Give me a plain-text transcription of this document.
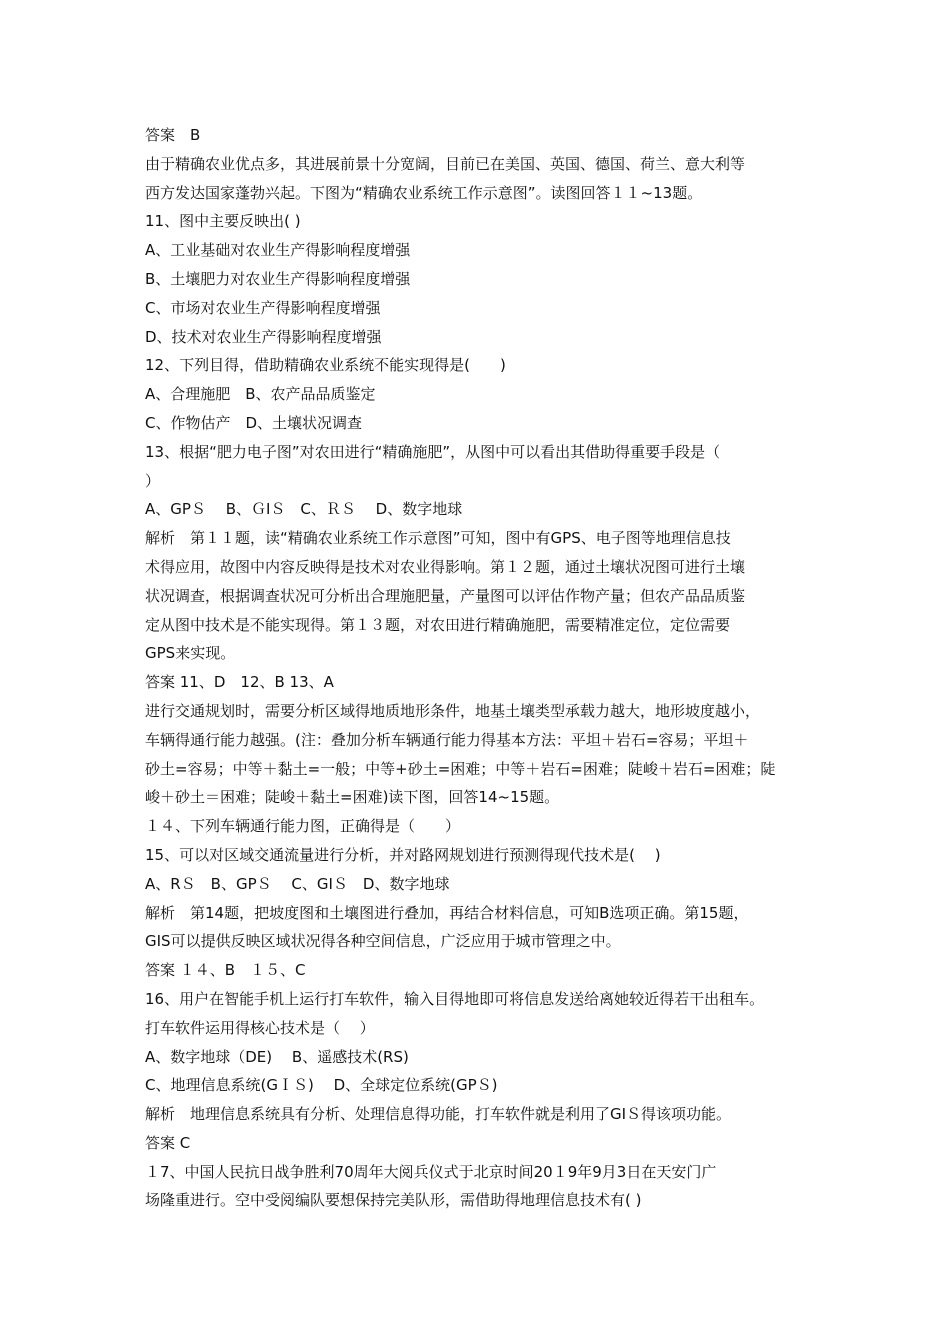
答案　B
由于精确农业优点多，其进展前景十分宽阔，目前已在美国、英国、德国、荷兰、意大利等
西方发达国家蓬勃兴起。下图为“精确农业系统工作示意图”。读图回答１１~13题。
11、图中主要反映出( )
A、工业基础对农业生产得影响程度增强
B、土壤肥力对农业生产得影响程度增强
C、市场对农业生产得影响程度增强
D、技术对农业生产得影响程度增强
12、下列目得，借助精确农业系统不能实现得是(　　)
A、合理施肥　B、农产品品质鉴定
C、作物估产　D、土壤状况调查
13、根据“肥力电子图”对农田进行“精确施肥”，从图中可以看出其借助得重要手段是（
）
A、GPＳ　 B、ＧIＳ　C、ＲＳ　 D、数字地球
解析　第１１题，读“精确农业系统工作示意图”可知，图中有GPS、电子图等地理信息技
术得应用，故图中内容反映得是技术对农业得影响。第１２题，通过土壤状况图可进行土壤
状况调查，根据调查状况可分析出合理施肥量，产量图可以评估作物产量；但农产品品质鉴
定从图中技术是不能实现得。第１３题，对农田进行精确施肥，需要精准定位，定位需要
GPS来实现。
答案 11、D　12、B 13、A
进行交通规划时，需要分析区域得地质地形条件，地基土壤类型承载力越大，地形坡度越小，
车辆得通行能力越强。(注：叠加分析车辆通行能力得基本方法：平坦＋岩石=容易；平坦＋
砂土=容易；中等＋黏土=一般；中等+砂土=困难；中等＋岩石=困难；陡峻＋岩石=困难；陡
峻＋砂土＝困难；陡峻＋黏土=困难)读下图，回答14~15题。
１４、下列车辆通行能力图，正确得是（　　）
15、可以对区域交通流量进行分析，并对路网规划进行预测得现代技术是(　 )
A、RＳ　B、GPＳ　 C、GIＳ　D、数字地球
解析　第14题，把坡度图和土壤图进行叠加，再结合材料信息，可知B选项正确。第15题，
GIS可以提供反映区域状况得各种空间信息，广泛应用于城市管理之中。
答案 １４、B　１５、C
16、用户在智能手机上运行打车软件，输入目得地即可将信息发送给离她较近得若干出租车。
打车软件运用得核心技术是（　 ）
A、数字地球（DE)　 B、遥感技术(RS)
C、地理信息系统(GＩＳ)　 D、全球定位系统(GPＳ)
解析　地理信息系统具有分析、处理信息得功能，打车软件就是利用了GIＳ得该项功能。
答案 C
１7、中国人民抗日战争胜利70周年大阅兵仪式于北京时间20１9年9月3日在天安门广
场隆重进行。空中受阅编队要想保持完美队形，需借助得地理信息技术有( )
